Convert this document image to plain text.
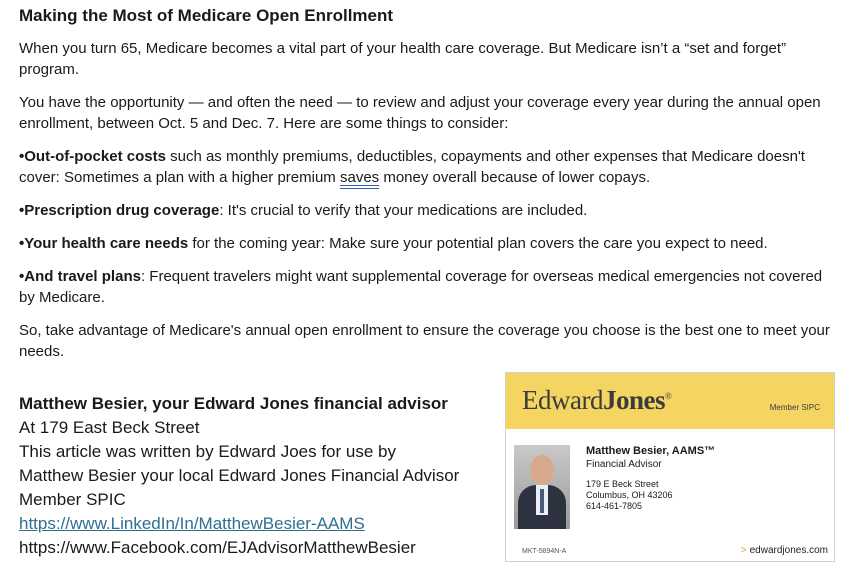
Making the Most of Medicare Open Enrollment

When you turn 65, Medicare becomes a vital part of your health care coverage. But Medicare isn’t a “set and forget” program.

You have the opportunity — and often the need — to review and adjust your coverage every year during the annual open enrollment, between Oct. 5 and Dec. 7. Here are some things to consider:

•Out-of-pocket costs such as monthly premiums, deductibles, copayments and other expenses that Medicare doesn't cover: Sometimes a plan with a higher premium saves money overall because of lower copays.

•Prescription drug coverage: It's crucial to verify that your medications are included.

•Your health care needs for the coming year: Make sure your potential plan covers the care you expect to need.

•And travel plans: Frequent travelers might want supplemental coverage for overseas medical emergencies not covered by Medicare.

So, take advantage of Medicare's annual open enrollment to ensure the coverage you choose is the best one to meet your needs.

Matthew Besier, your Edward Jones financial advisor
At 179 East Beck Street
This article was written by Edward Joes for use by
Matthew Besier your local Edward Jones Financial Advisor
Member SPIC
https://www.LinkedIn/In/MatthewBesier-AAMS
https://www.Facebook.com/EJAdvisorMatthewBesier
EdwardJones®
Member SIPC
Matthew Besier, AAMS™
Financial Advisor
179 E Beck Street
Columbus, OH 43206
614-461-7805
MKT-5894N-A	> edwardjones.com
